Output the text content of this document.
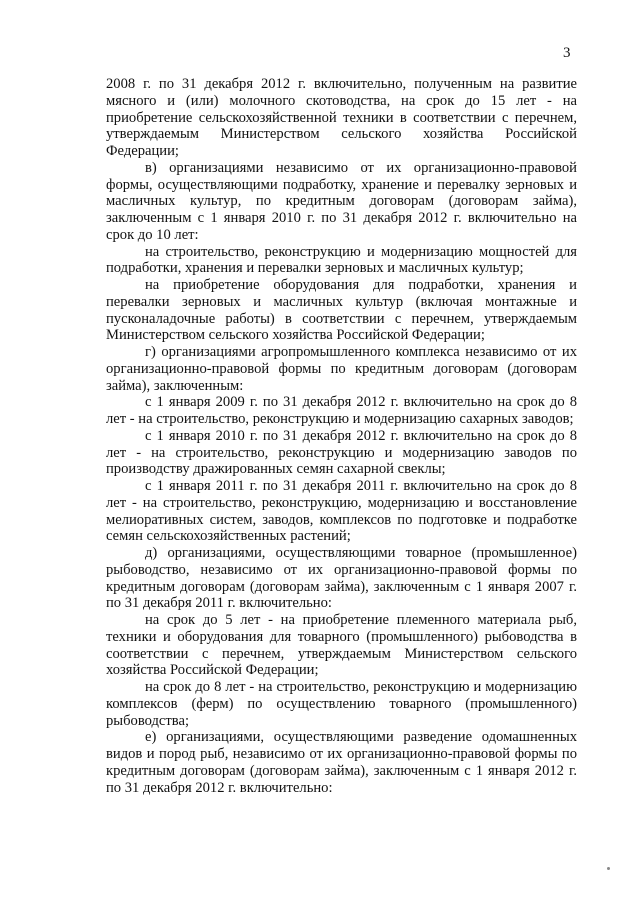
3

2008 г. по 31 декабря 2012 г. включительно, полученным на развитие мясного и (или) молочного скотоводства, на срок до 15 лет - на приобретение сельскохозяйственной техники в соответствии с перечнем, утверждаемым Министерством сельского хозяйства Российской Федерации;

в) организациями независимо от их организационно-правовой формы, осуществляющими подработку, хранение и перевалку зерновых и масличных культур, по кредитным договорам (договорам займа), заключенным с 1 января 2010 г. по 31 декабря 2012 г. включительно на срок до 10 лет:

на строительство, реконструкцию и модернизацию мощностей для подработки, хранения и перевалки зерновых и масличных культур;

на приобретение оборудования для подработки, хранения и перевалки зерновых и масличных культур (включая монтажные и пусконаладочные работы) в соответствии с перечнем, утверждаемым Министерством сельского хозяйства Российской Федерации;

г) организациями агропромышленного комплекса независимо от их организационно-правовой формы по кредитным договорам (договорам займа), заключенным:

с 1 января 2009 г. по 31 декабря 2012 г. включительно на срок до 8 лет - на строительство, реконструкцию и модернизацию сахарных заводов;

с 1 января 2010 г. по 31 декабря 2012 г. включительно на срок до 8 лет - на строительство, реконструкцию и модернизацию заводов по производству дражированных семян сахарной свеклы;

с 1 января 2011 г. по 31 декабря 2011 г. включительно на срок до 8 лет - на строительство, реконструкцию, модернизацию и восстановление мелиоративных систем, заводов, комплексов по подготовке и подработке семян сельскохозяйственных растений;

д) организациями, осуществляющими товарное (промышленное) рыбоводство, независимо от их организационно-правовой формы по кредитным договорам (договорам займа), заключенным с 1 января 2007 г. по 31 декабря 2011 г. включительно:

на срок до 5 лет - на приобретение племенного материала рыб, техники и оборудования для товарного (промышленного) рыбоводства в соответствии с перечнем, утверждаемым Министерством сельского хозяйства Российской Федерации;

на срок до 8 лет - на строительство, реконструкцию и модернизацию комплексов (ферм) по осуществлению товарного (промышленного) рыбоводства;

е) организациями, осуществляющими разведение одомашненных видов и пород рыб, независимо от их организационно-правовой формы по кредитным договорам (договорам займа), заключенным с 1 января 2012 г. по 31 декабря 2012 г. включительно:
